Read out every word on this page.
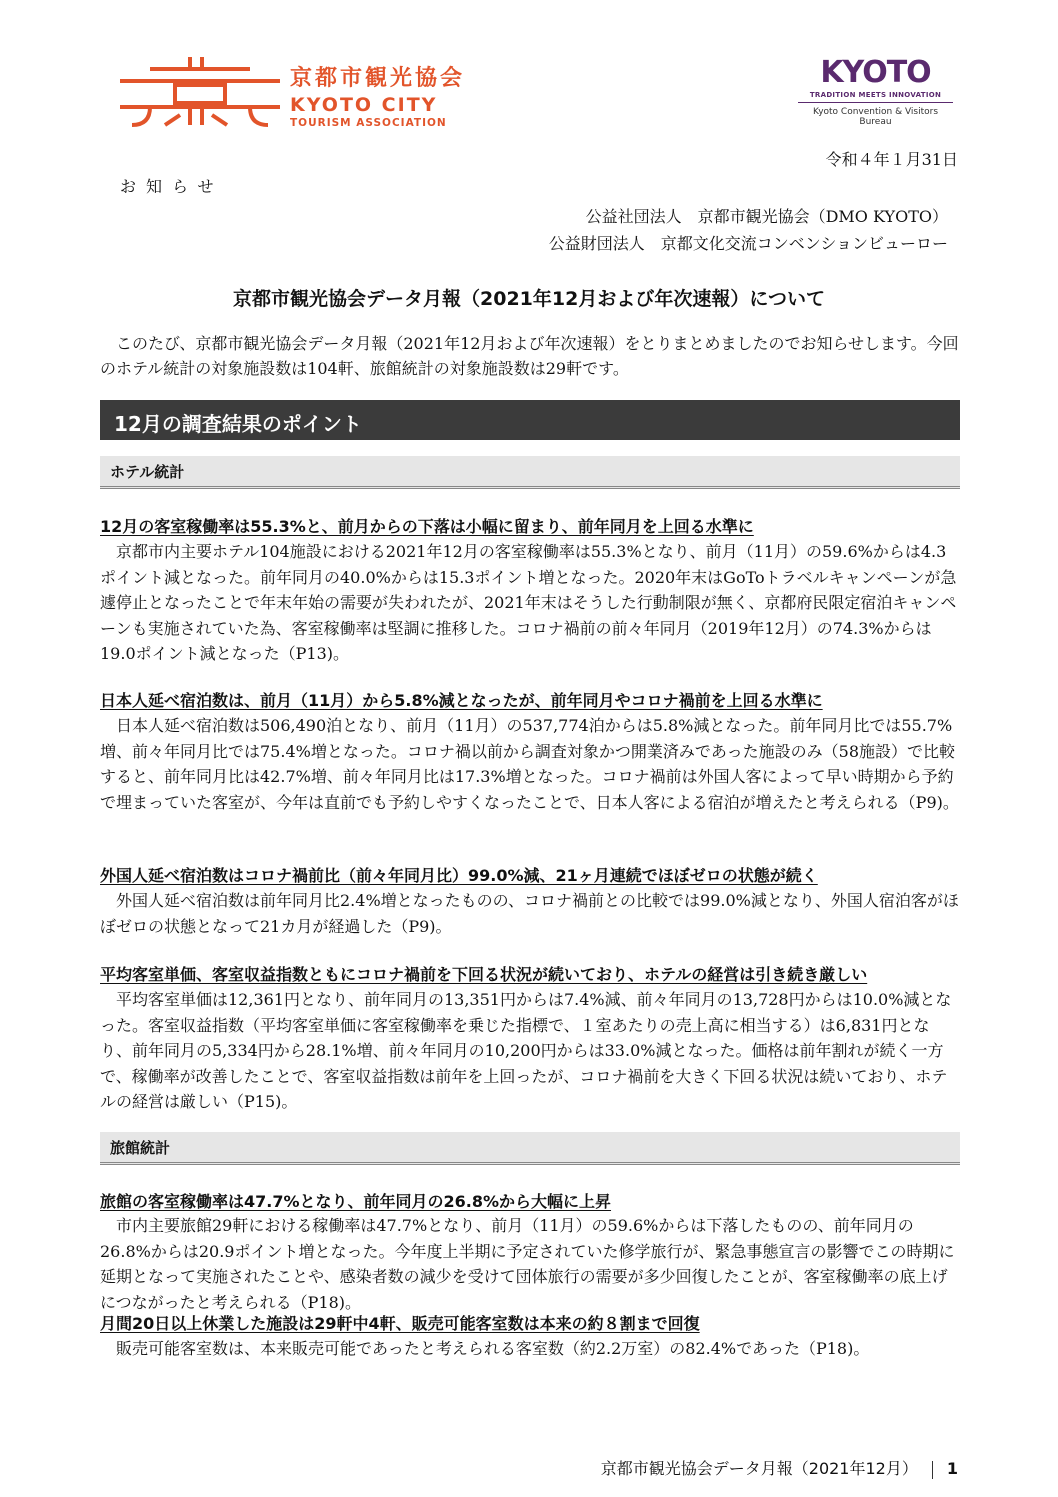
京都市観光協会
KYOTO CITY
TOURISM ASSOCIATION
KYOTO
TRADITION MEETS INNOVATION
Kyoto Convention & Visitors Bureau
令和４年１月31日
お知らせ
公益社団法人　京都市観光協会（DMO KYOTO）
公益財団法人　京都文化交流コンベンションビューロー
京都市観光協会データ月報（2021年12月および年次速報）について
このたび、京都市観光協会データ月報（2021年12月および年次速報）をとりまとめましたのでお知らせします。今回のホテル統計の対象施設数は104軒、旅館統計の対象施設数は29軒です。
12月の調査結果のポイント
ホテル統計
12月の客室稼働率は55.3%と、前月からの下落は小幅に留まり、前年同月を上回る水準に
京都市内主要ホテル104施設における2021年12月の客室稼働率は55.3%となり、前月（11月）の59.6%からは4.3ポイント減となった。前年同月の40.0%からは15.3ポイント増となった。2020年末はGoToトラベルキャンペーンが急遽停止となったことで年末年始の需要が失われたが、2021年末はそうした行動制限が無く、京都府民限定宿泊キャンペーンも実施されていた為、客室稼働率は堅調に推移した。コロナ禍前の前々年同月（2019年12月）の74.3%からは19.0ポイント減となった（P13)。
日本人延べ宿泊数は、前月（11月）から5.8%減となったが、前年同月やコロナ禍前を上回る水準に
日本人延べ宿泊数は506,490泊となり、前月（11月）の537,774泊からは5.8%減となった。前年同月比では55.7%増、前々年同月比では75.4%増となった。コロナ禍以前から調査対象かつ開業済みであった施設のみ（58施設）で比較すると、前年同月比は42.7%増、前々年同月比は17.3%増となった。コロナ禍前は外国人客によって早い時期から予約で埋まっていた客室が、今年は直前でも予約しやすくなったことで、日本人客による宿泊が増えたと考えられる（P9)。
外国人延べ宿泊数はコロナ禍前比（前々年同月比）99.0%減、21ヶ月連続でほぼゼロの状態が続く
外国人延べ宿泊数は前年同月比2.4%増となったものの、コロナ禍前との比較では99.0%減となり、外国人宿泊客がほぼゼロの状態となって21カ月が経過した（P9)。
平均客室単価、客室収益指数ともにコロナ禍前を下回る状況が続いており、ホテルの経営は引き続き厳しい
平均客室単価は12,361円となり、前年同月の13,351円からは7.4%減、前々年同月の13,728円からは10.0%減となった。客室収益指数（平均客室単価に客室稼働率を乗じた指標で、１室あたりの売上高に相当する）は6,831円となり、前年同月の5,334円から28.1%増、前々年同月の10,200円からは33.0%減となった。価格は前年割れが続く一方で、稼働率が改善したことで、客室収益指数は前年を上回ったが、コロナ禍前を大きく下回る状況は続いており、ホテルの経営は厳しい（P15)。
旅館統計
旅館の客室稼働率は47.7%となり、前年同月の26.8%から大幅に上昇
市内主要旅館29軒における稼働率は47.7%となり、前月（11月）の59.6%からは下落したものの、前年同月の26.8%からは20.9ポイント増となった。今年度上半期に予定されていた修学旅行が、緊急事態宣言の影響でこの時期に延期となって実施されたことや、感染者数の減少を受けて団体旅行の需要が多少回復したことが、客室稼働率の底上げにつながったと考えられる（P18)。
月間20日以上休業した施設は29軒中4軒、販売可能客室数は本来の約８割まで回復
販売可能客室数は、本来販売可能であったと考えられる客室数（約2.2万室）の82.4%であった（P18)。
京都市観光協会データ月報（2021年12月） 1
